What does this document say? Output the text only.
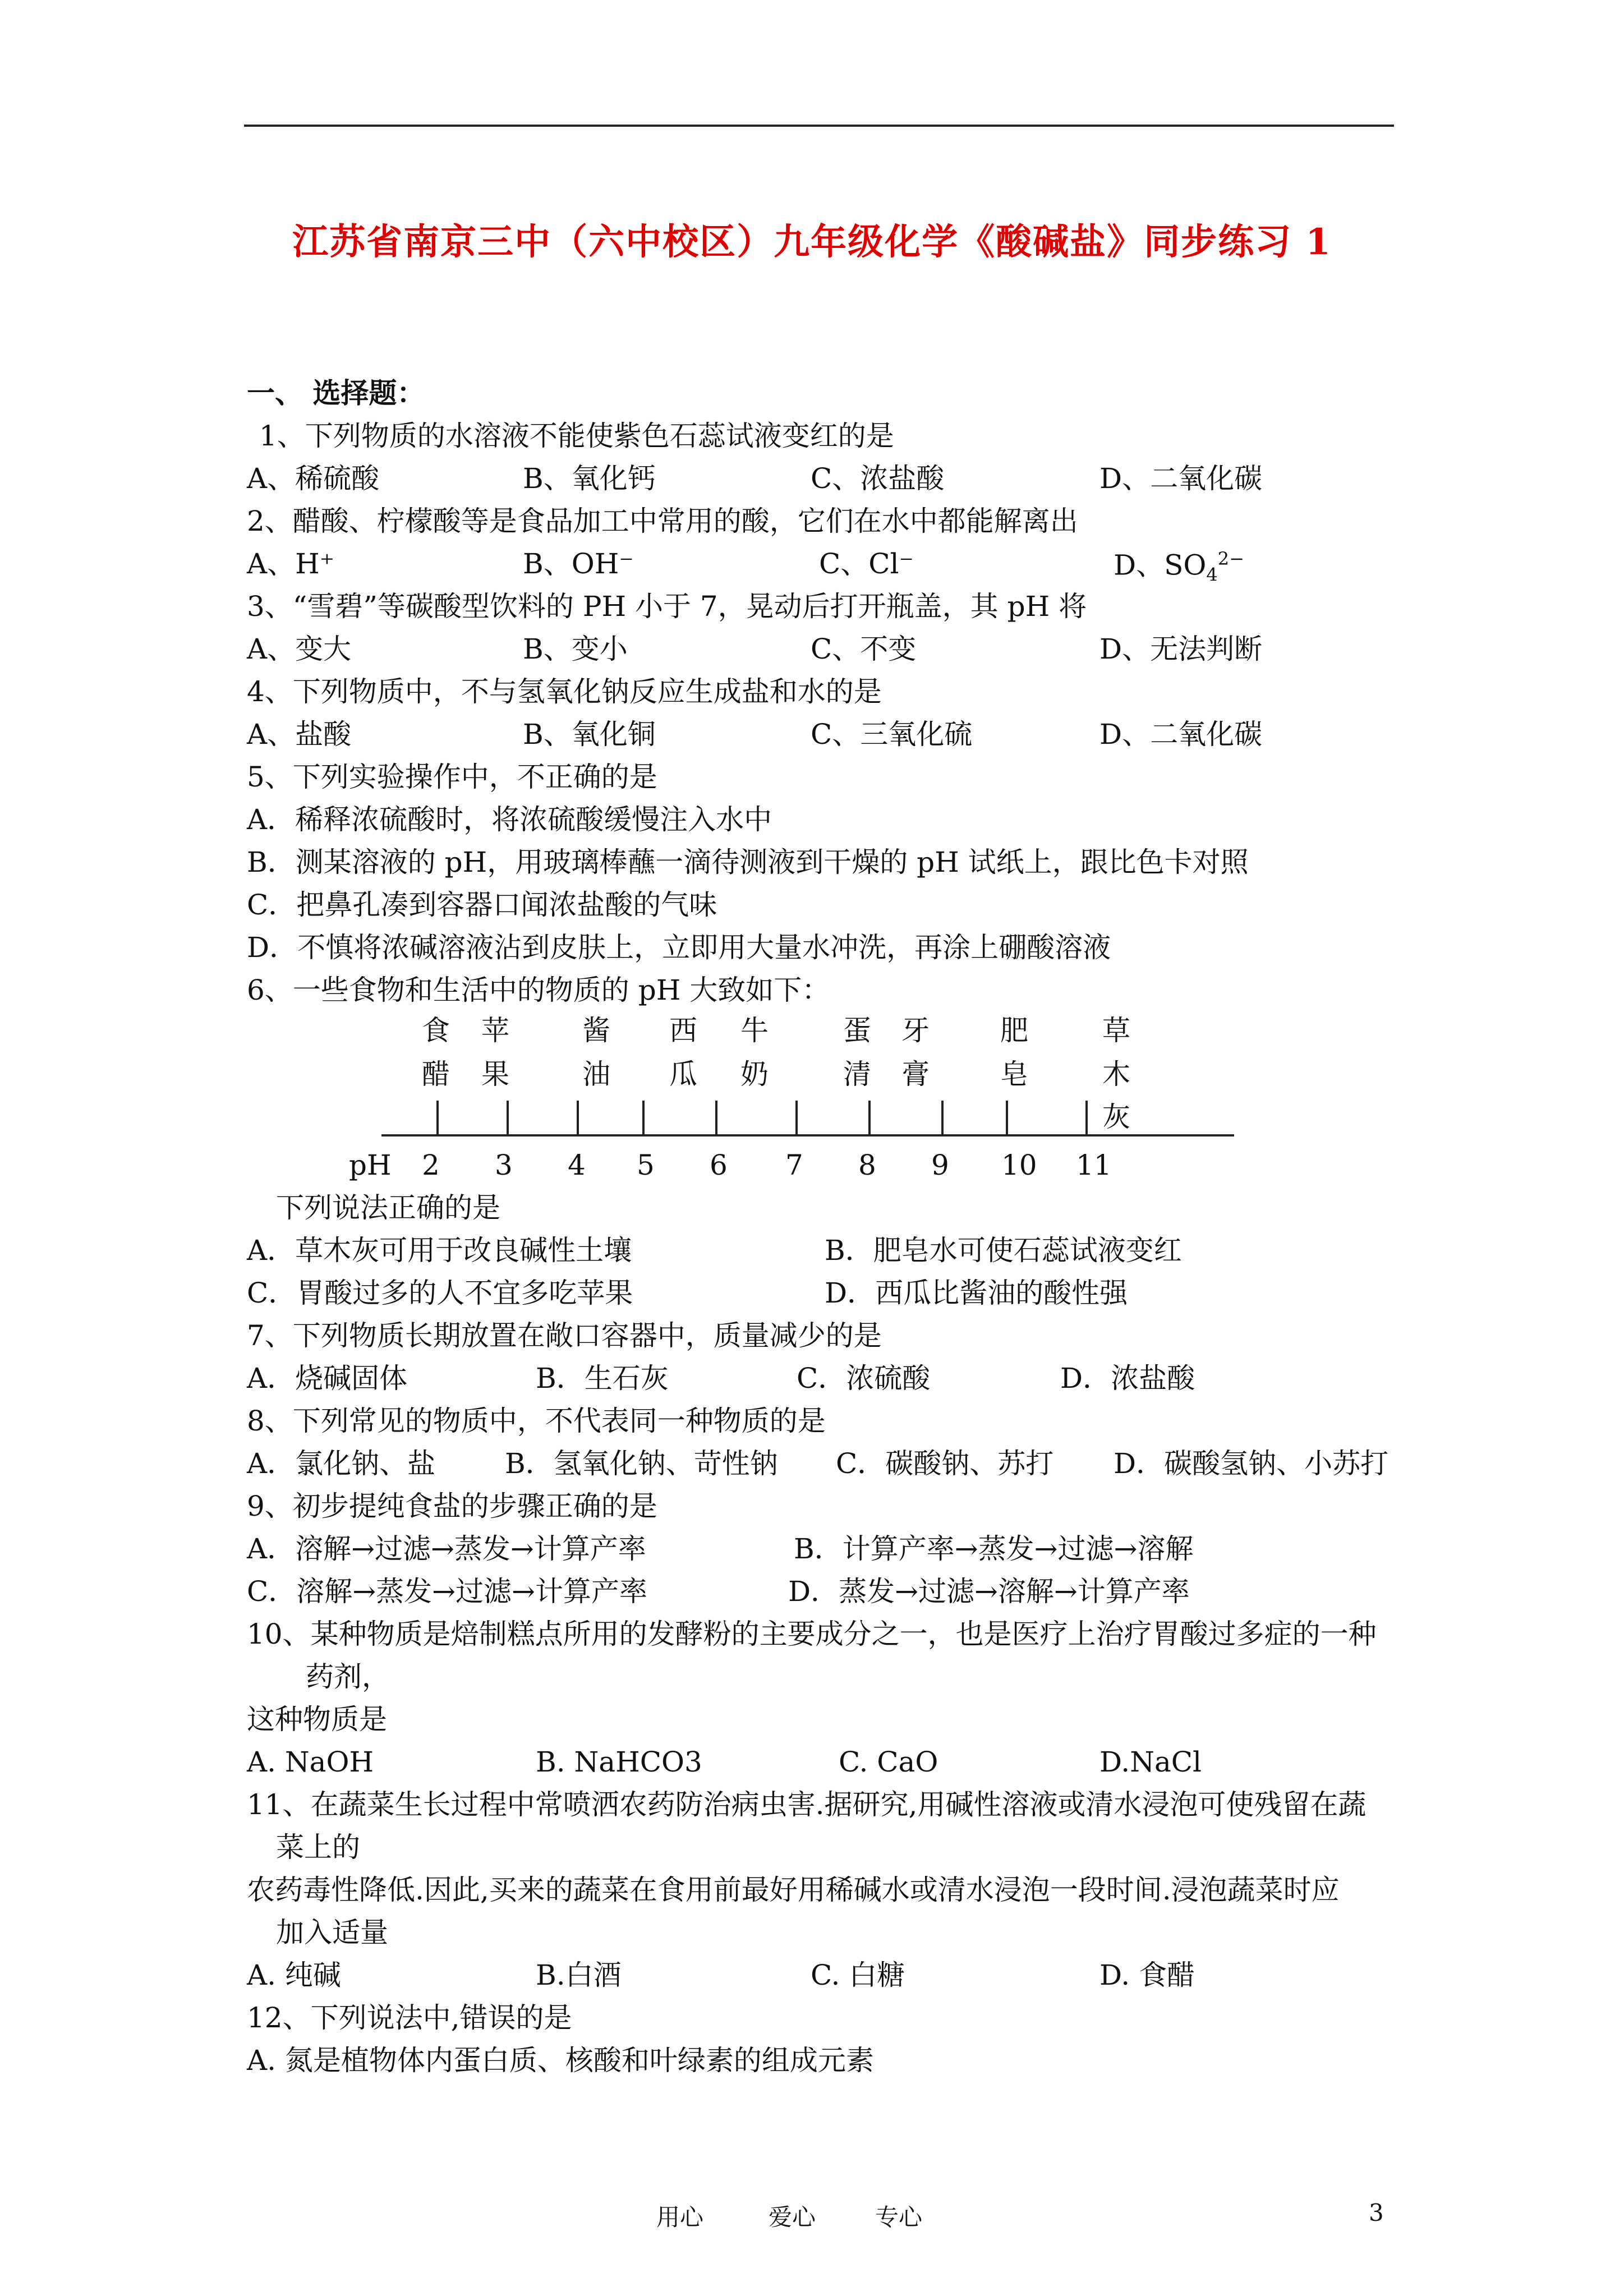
江苏省南京三中（六中校区）九年级化学《酸碱盐》同步练习 1
一、 选择题：
1、下列物质的水溶液不能使紫色石蕊试液变红的是
A、稀硫酸	B、氧化钙	C、浓盐酸	D、二氧化碳
2、醋酸、柠檬酸等是食品加工中常用的酸，它们在水中都能解离出
A、H⁺	B、OH⁻	C、Cl⁻	D、$SO_4^{2-}$
3、“雪碧”等碳酸型饮料的 PH 小于 7，晃动后打开瓶盖，其 pH 将
A、变大	B、变小	C、不变	D、无法判断
4、下列物质中，不与氢氧化钠反应生成盐和水的是
A、盐酸	B、氧化铜	C、三氧化硫	D、二氧化碳
5、下列实验操作中，不正确的是
A．稀释浓硫酸时，将浓硫酸缓慢注入水中
B．测某溶液的 pH，用玻璃棒蘸一滴待测液到干燥的 pH 试纸上，跟比色卡对照
C．把鼻孔凑到容器口闻浓盐酸的气味
D．不慎将浓碱溶液沾到皮肤上，立即用大量水冲洗，再涂上硼酸溶液
6、一些食物和生活中的物质的 pH 大致如下：
食
醋
苹
果
酱
油
西
瓜
牛
奶
蛋
清
牙
膏
肥
皂
草
木
灰
pH 2 3 4 5 6 7 8 9 10 11
下列说法正确的是
A．草木灰可用于改良碱性土壤	B．肥皂水可使石蕊试液变红
C．胃酸过多的人不宜多吃苹果	D．西瓜比酱油的酸性强
7、下列物质长期放置在敞口容器中，质量减少的是
A．烧碱固体	B．生石灰	C．浓硫酸	D．浓盐酸
8、下列常见的物质中，不代表同一种物质的是
A．氯化钠、盐 B．氢氧化钠、苛性钠 C．碳酸钠、苏打 D．碳酸氢钠、小苏打
9、初步提纯食盐的步骤正确的是
A．溶解→过滤→蒸发→计算产率	B．计算产率→蒸发→过滤→溶解
C．溶解→蒸发→过滤→计算产率	D．蒸发→过滤→溶解→计算产率
10、某种物质是焙制糕点所用的发酵粉的主要成分之一，也是医疗上治疗胃酸过多症的一种
药剂，
这种物质是
A. NaOH	B. NaHCO3	C. CaO	D.NaCl
11、在蔬菜生长过程中常喷洒农药防治病虫害.据研究,用碱性溶液或清水浸泡可使残留在蔬
菜上的
农药毒性降低.因此,买来的蔬菜在食用前最好用稀碱水或清水浸泡一段时间.浸泡蔬菜时应
加入适量
A. 纯碱	B.白酒	C. 白糖	D. 食醋
12、下列说法中,错误的是
A. 氮是植物体内蛋白质、核酸和叶绿素的组成元素
用心	爱心	专心	3
